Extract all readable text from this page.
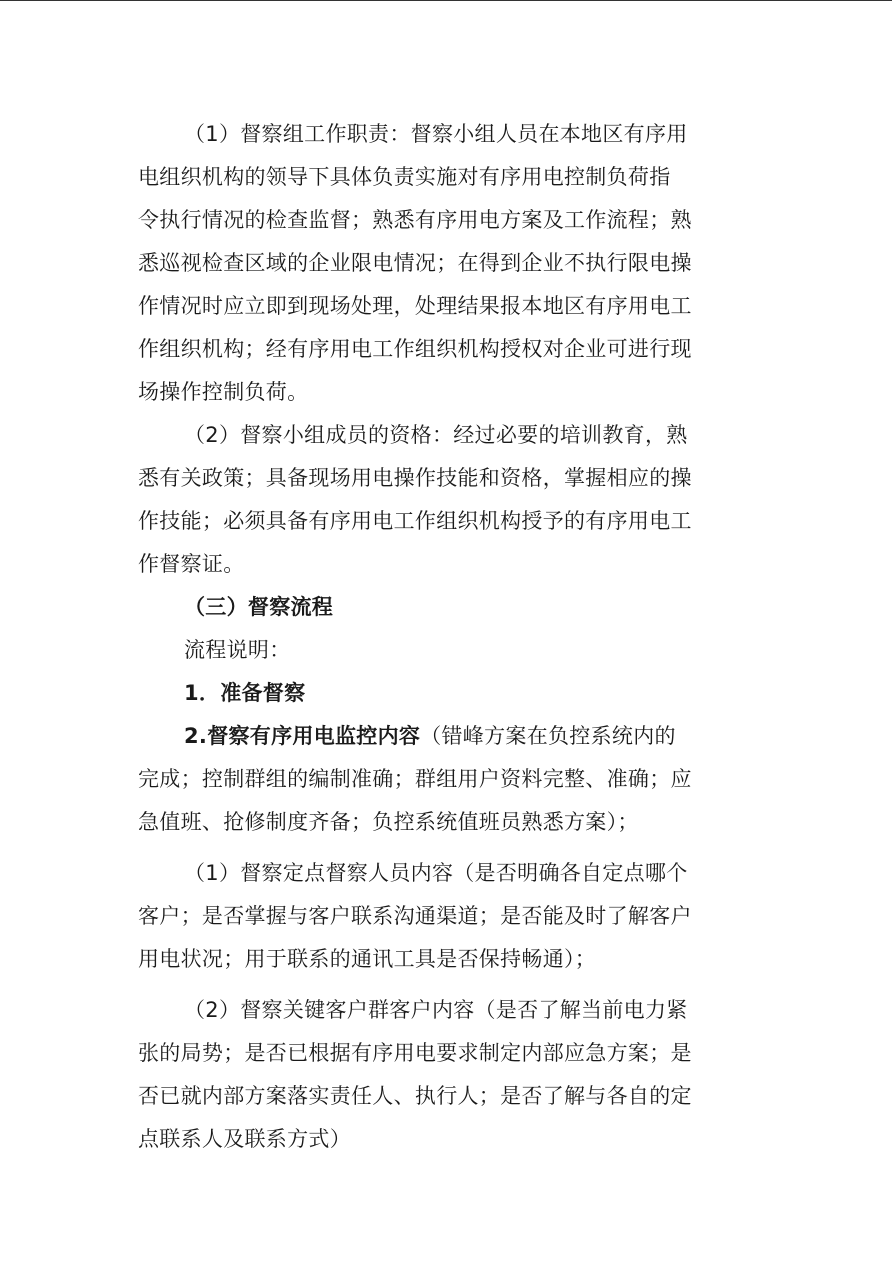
（1）督察组工作职责：督察小组人员在本地区有序用
电组织机构的领导下具体负责实施对有序用电控制负荷指
令执行情况的检查监督；熟悉有序用电方案及工作流程；熟
悉巡视检查区域的企业限电情况；在得到企业不执行限电操
作情况时应立即到现场处理，处理结果报本地区有序用电工
作组织机构；经有序用电工作组织机构授权对企业可进行现
场操作控制负荷。
（2）督察小组成员的资格：经过必要的培训教育，熟
悉有关政策；具备现场用电操作技能和资格，掌握相应的操
作技能；必须具备有序用电工作组织机构授予的有序用电工
作督察证。
（三）督察流程
流程说明：
1．准备督察
2.督察有序用电监控内容（错峰方案在负控系统内的
完成；控制群组的编制准确；群组用户资料完整、准确；应
急值班、抢修制度齐备；负控系统值班员熟悉方案）；
（1）督察定点督察人员内容（是否明确各自定点哪个
客户；是否掌握与客户联系沟通渠道；是否能及时了解客户
用电状况；用于联系的通讯工具是否保持畅通）；
（2）督察关键客户群客户内容（是否了解当前电力紧
张的局势；是否已根据有序用电要求制定内部应急方案；是
否已就内部方案落实责任人、执行人；是否了解与各自的定
点联系人及联系方式）
